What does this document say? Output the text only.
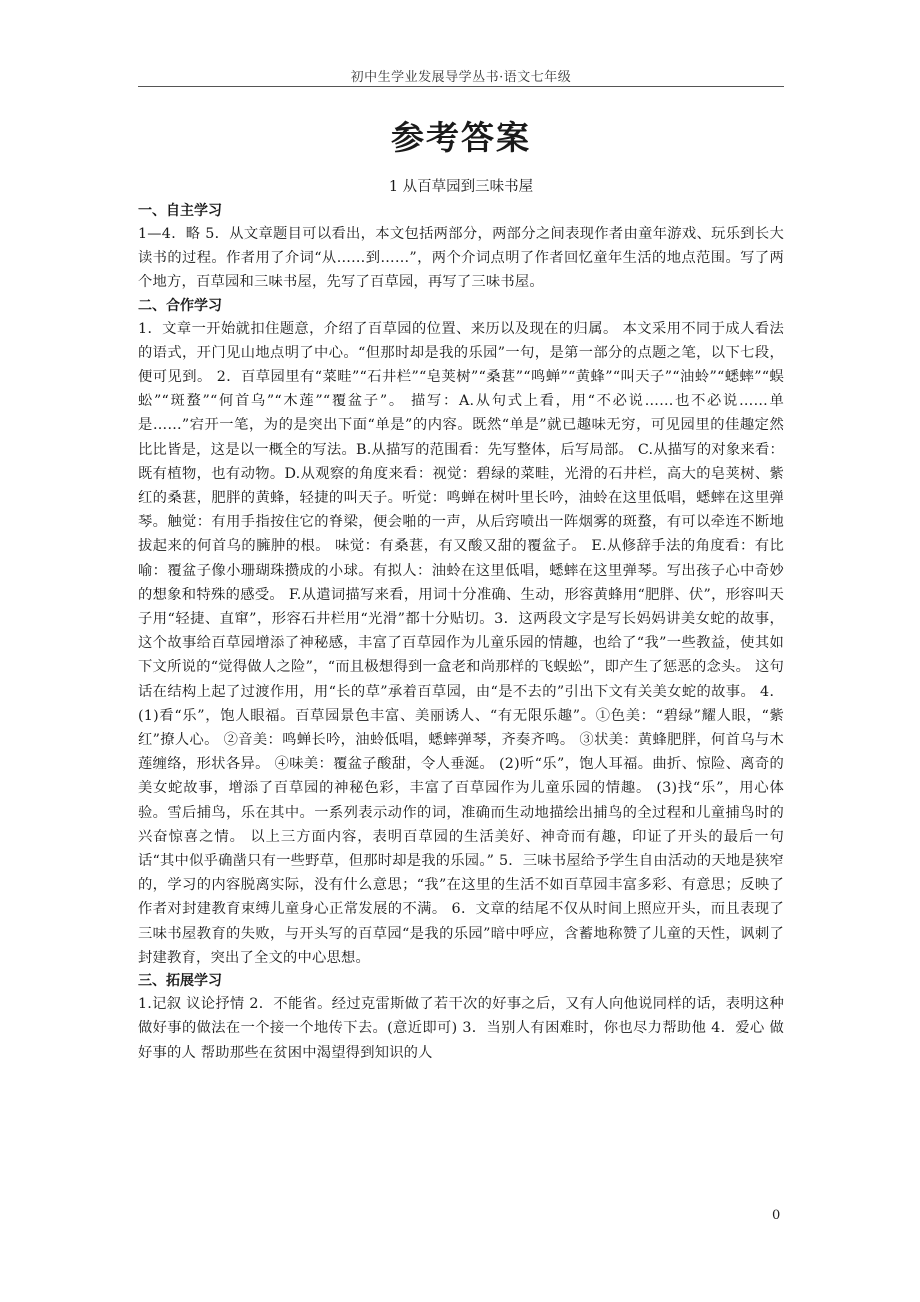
初中生学业发展导学丛书·语文七年级
参考答案
1 从百草园到三味书屋
一、自主学习

1—4．略 5．从文章题目可以看出，本文包括两部分，两部分之间表现作者由童年游戏、玩乐到长大读书的过程。作者用了介词“从……到……”，两个介词点明了作者回忆童年生活的地点范围。写了两个地方，百草园和三味书屋，先写了百草园，再写了三味书屋。

二、合作学习

1．文章一开始就扣住题意，介绍了百草园的位置、来历以及现在的归属。 本文采用不同于成人看法的语式，开门见山地点明了中心。“但那时却是我的乐园”一句，是第一部分的点题之笔，以下七段，便可见到。 2．百草园里有“菜畦”“石井栏”“皂荚树”“桑葚”“鸣蝉”“黄蜂”“叫天子”“油蛉”“蟋蟀”“蜈蚣”“斑蝥”“何首乌”“木莲”“覆盆子”。 描写：A.从句式上看，用“不必说……也不必说……单是……”宕开一笔，为的是突出下面“单是”的内容。既然“单是”就已趣味无穷，可见园里的佳趣定然比比皆是，这是以一概全的写法。B.从描写的范围看：先写整体，后写局部。 C.从描写的对象来看：既有植物，也有动物。D.从观察的角度来看：视觉：碧绿的菜畦，光滑的石井栏，高大的皂荚树、紫红的桑葚，肥胖的黄蜂，轻捷的叫天子。听觉：鸣蝉在树叶里长吟，油蛉在这里低唱，蟋蟀在这里弹琴。触觉：有用手指按住它的脊梁，便会啪的一声，从后窍喷出一阵烟雾的斑蝥，有可以牵连不断地拔起来的何首乌的臃肿的根。 味觉：有桑葚，有又酸又甜的覆盆子。 E.从修辞手法的角度看：有比喻：覆盆子像小珊瑚珠攒成的小球。有拟人：油蛉在这里低唱，蟋蟀在这里弹琴。写出孩子心中奇妙的想象和特殊的感受。 F.从遣词描写来看，用词十分准确、生动，形容黄蜂用“肥胖、伏”，形容叫天子用“轻捷、直窜”，形容石井栏用“光滑”都十分贴切。3．这两段文字是写长妈妈讲美女蛇的故事，这个故事给百草园增添了神秘感，丰富了百草园作为儿童乐园的情趣，也给了“我”一些教益，使其如下文所说的“觉得做人之险”，“而且极想得到一盒老和尚那样的飞蜈蚣”，即产生了惩恶的念头。 这句话在结构上起了过渡作用，用“长的草”承着百草园，由“是不去的”引出下文有关美女蛇的故事。 4．(1)看“乐”，饱人眼福。百草园景色丰富、美丽诱人、“有无限乐趣”。①色美：“碧绿”耀人眼，“紫红”撩人心。 ②音美：鸣蝉长吟，油蛉低唱，蟋蟀弹琴，齐奏齐鸣。 ③状美：黄蜂肥胖，何首乌与木莲缠络，形状各异。 ④味美：覆盆子酸甜，令人垂涎。 (2)听“乐”，饱人耳福。曲折、惊险、离奇的美女蛇故事，增添了百草园的神秘色彩，丰富了百草园作为儿童乐园的情趣。 (3)找“乐”，用心体验。雪后捕鸟，乐在其中。一系列表示动作的词，准确而生动地描绘出捕鸟的全过程和儿童捕鸟时的兴奋惊喜之情。 以上三方面内容，表明百草园的生活美好、神奇而有趣，印证了开头的最后一句话“其中似乎确凿只有一些野草，但那时却是我的乐园。” 5．三味书屋给予学生自由活动的天地是狭窄的，学习的内容脱离实际，没有什么意思；“我”在这里的生活不如百草园丰富多彩、有意思；反映了作者对封建教育束缚儿童身心正常发展的不满。 6．文章的结尾不仅从时间上照应开头，而且表现了三味书屋教育的失败，与开头写的百草园“是我的乐园”暗中呼应，含蓄地称赞了儿童的天性，讽刺了封建教育，突出了全文的中心思想。

三、拓展学习

1.记叙 议论抒情 2．不能省。经过克雷斯做了若干次的好事之后，又有人向他说同样的话，表明这种做好事的做法在一个接一个地传下去。(意近即可) 3．当别人有困难时，你也尽力帮助他 4．爱心 做好事的人 帮助那些在贫困中渴望得到知识的人

0
